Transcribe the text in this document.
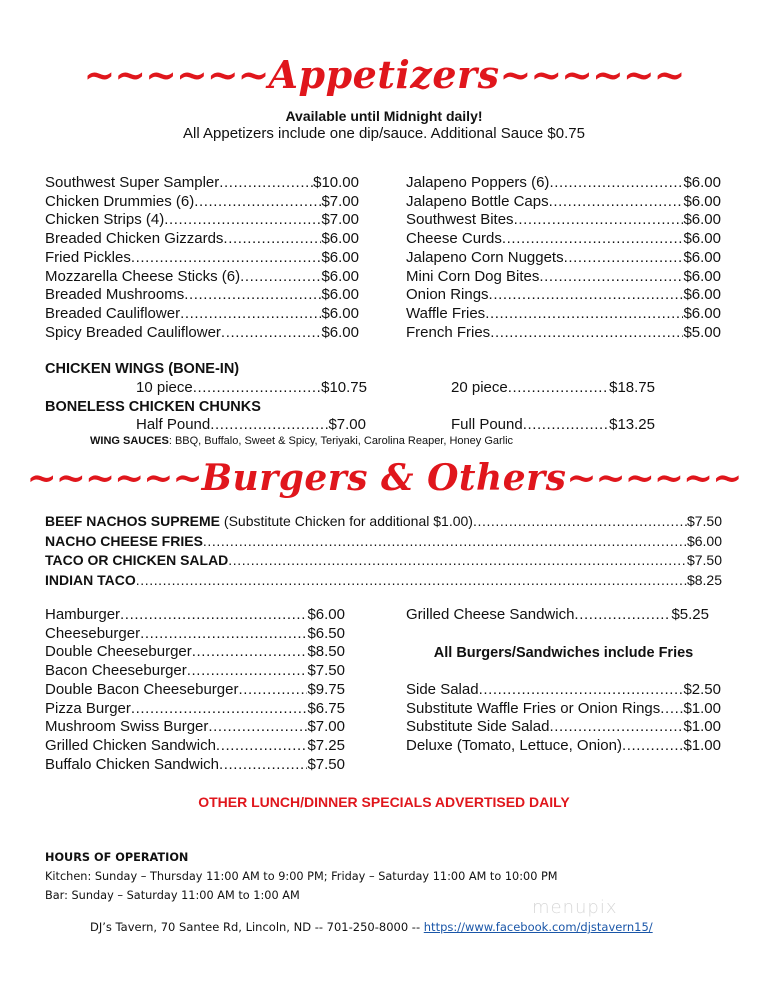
~~~~~~Appetizers~~~~~~
Available until Midnight daily!
All Appetizers include one dip/sauce. Additional Sauce $0.75
Southwest Super Sampler .....	$10.00
Chicken Drummies (6) .....	$7.00
Chicken Strips (4) .....	$7.00
Breaded Chicken Gizzards .....	$6.00
Fried Pickles .....	$6.00
Mozzarella Cheese Sticks (6) .....	$6.00
Breaded Mushrooms .....	$6.00
Breaded Cauliflower .....	$6.00
Spicy Breaded Cauliflower .....	$6.00
Jalapeno Poppers (6) .....	$6.00
Jalapeno Bottle Caps .....	$6.00
Southwest Bites .....	$6.00
Cheese Curds .....	$6.00
Jalapeno Corn Nuggets .....	$6.00
Mini Corn Dog Bites .....	$6.00
Onion Rings .....	$6.00
Waffle Fries .....	$6.00
French Fries .....	$5.00
CHICKEN WINGS (BONE-IN)
10 piece .....	$10.75	20 piece .....	$18.75
BONELESS CHICKEN CHUNKS
Half Pound .....	$7.00	Full Pound .....	$13.25
WING SAUCES: BBQ, Buffalo, Sweet & Spicy, Teriyaki, Carolina Reaper, Honey Garlic
~~~~~~Burgers & Others~~~~~~
BEEF NACHOS SUPREME (Substitute Chicken for additional $1.00) .....	$7.50
NACHO CHEESE FRIES .....	$6.00
TACO OR CHICKEN SALAD .....	$7.50
INDIAN TACO .....	$8.25
Hamburger .....	$6.00
Cheeseburger .....	$6.50
Double Cheeseburger .....	$8.50
Bacon Cheeseburger .....	$7.50
Double Bacon Cheeseburger .....	$9.75
Pizza Burger .....	$6.75
Mushroom Swiss Burger .....	$7.00
Grilled Chicken Sandwich .....	$7.25
Buffalo Chicken Sandwich .....	$7.50
Grilled Cheese Sandwich .....	$5.25
All Burgers/Sandwiches include Fries
Side Salad .....	$2.50
Substitute Waffle Fries or Onion Rings ..... $1.00
Substitute Side Salad .....	$1.00
Deluxe (Tomato, Lettuce, Onion) .....	$1.00
OTHER LUNCH/DINNER SPECIALS ADVERTISED DAILY
HOURS OF OPERATION
Kitchen: Sunday – Thursday 11:00 AM to 9:00 PM; Friday – Saturday 11:00 AM to 10:00 PM
Bar: Sunday – Saturday 11:00 AM to 1:00 AM
menupix
DJ’s Tavern, 70 Santee Rd, Lincoln, ND -- 701-250-8000 -- https://www.facebook.com/djstavern15/
